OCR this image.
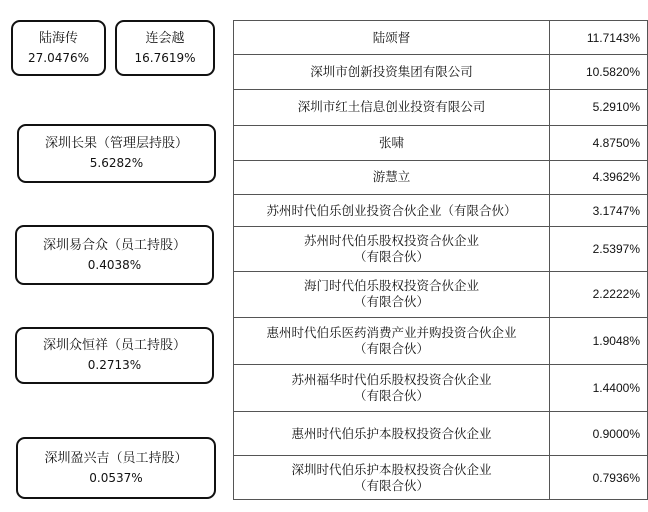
陆海传
27.0476%
连会越
16.7619%
深圳长果（管理层持股）
5.6282%
深圳易合众（员工持股）
0.4038%
深圳众恒祥（员工持股）
0.2713%
深圳盈兴吉（员工持股）
0.0537%
陆颂督	11.7143%

深圳市创新投资集团有限公司	10.5820%

深圳市红土信息创业投资有限公司	5.2910%

张啸	4.8750%

游慧立	4.3962%

苏州时代伯乐创业投资合伙企业（有限合伙）	3.1747%

苏州时代伯乐股权投资合伙企业
（有限合伙）	2.5397%

海门时代伯乐股权投资合伙企业
（有限合伙）	2.2222%

惠州时代伯乐医药消费产业并购投资合伙企业
（有限合伙）	1.9048%

苏州福华时代伯乐股权投资合伙企业
（有限合伙）	1.4400%

惠州时代伯乐护本股权投资合伙企业	0.9000%

深圳时代伯乐护本股权投资合伙企业
（有限合伙）	0.7936%
